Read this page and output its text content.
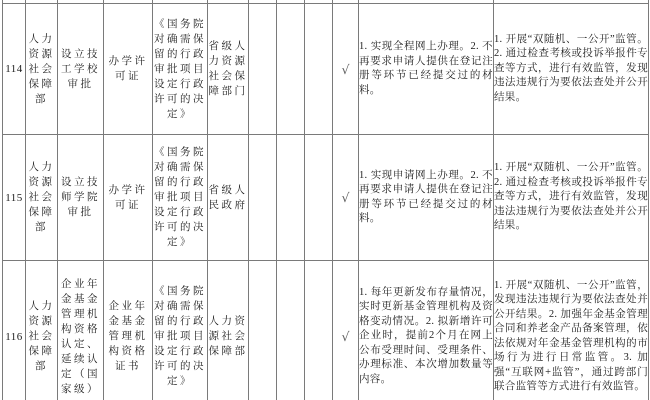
114	人力资源社会保障部	设立技工学校审批	办学许可证	《国务院对确需保留的行政审批项目设定行政许可的决定》	省级人力资源社会保障部门				√	1. 实现全程网上办理。2. 不再要求申请人提供在登记注册等环节已经提交过的材料。	1. 开展“双随机、一公开”监管。2. 通过检查考核或投诉举报件专查等方式，进行有效监管，发现违法违规行为要依法查处并公开结果。
115	人力资源社会保障部	设立技师学院审批	办学许可证	《国务院对确需保留的行政审批项目设定行政许可的决定》	省级人民政府				√	1. 实现申请网上办理。2. 不再要求申请人提供在登记注册等环节已经提交过的材料。	1. 开展“双随机、一公开”监管。2. 通过检查考核或投诉举报件专查等方式，进行有效监管，发现违法违规行为要依法查处并公开结果。
116	人力资源社会保障部	企业年金基金管理机构资格认定、延续认定（国家级）	企业年金基金管理机构资格证书	《国务院对确需保留的行政审批项目设定行政许可的决定》	人力资源社会保障部				√	1. 每年更新发布存量情况，实时更新基金管理机构及资格变动情况。2. 拟新增许可企业时，提前2个月在网上公布受理时间、受理条件、办理标准、本次增加数量等内容。	1. 开展“双随机、一公开”监管，发现违法违规行为要依法查处并公开结果。2. 加强年金基金管理合同和养老金产品备案管理，依法依规对年金基金管理机构的市场行为进行日常监管。3. 加强“互联网+监管”，通过跨部门联合监管等方式进行有效监管。
